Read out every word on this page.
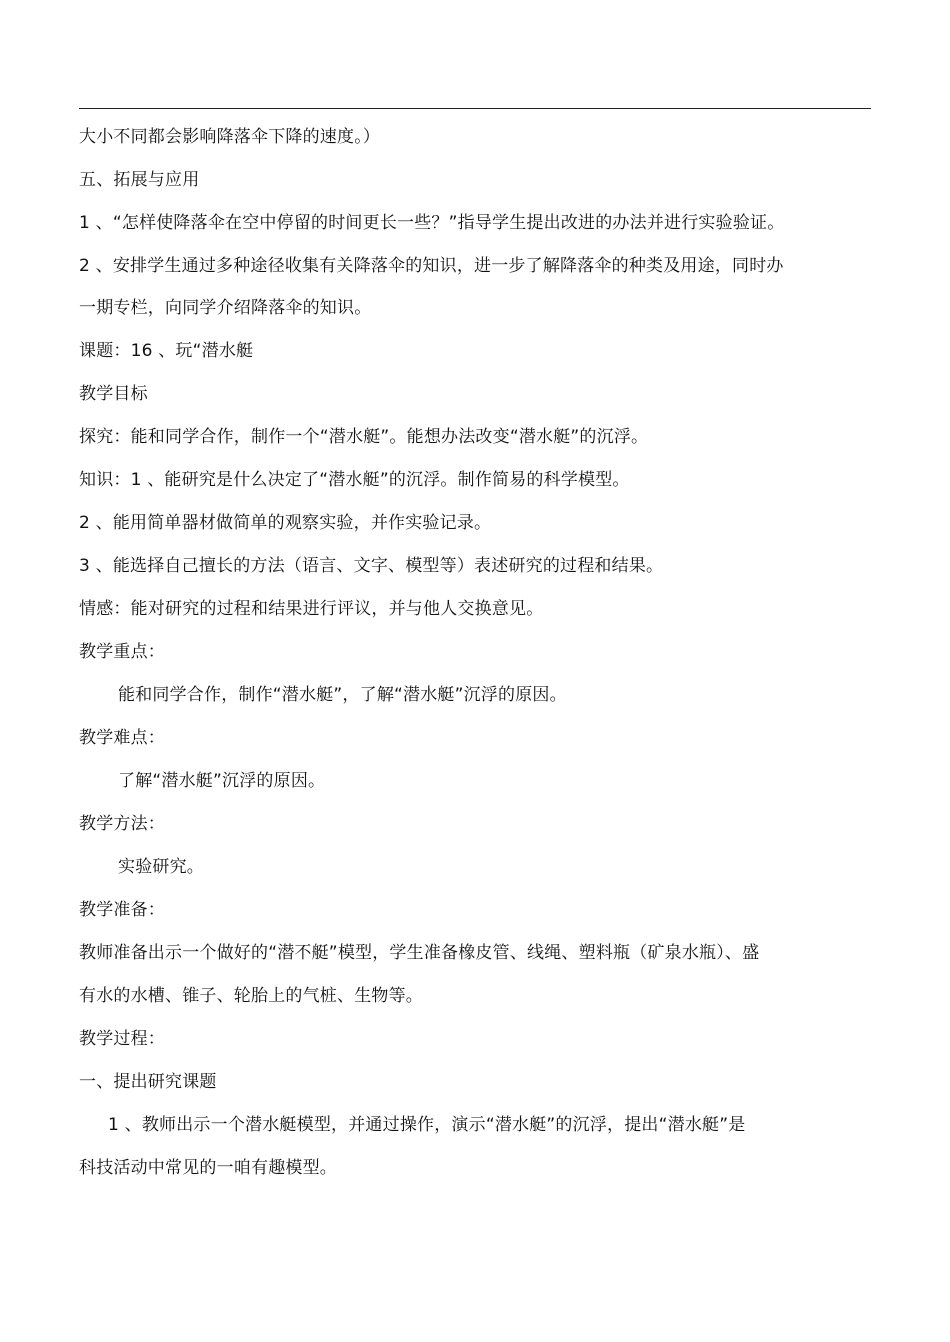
大小不同都会影响降落伞下降的速度。）
五、拓展与应用
1 、“怎样使降落伞在空中停留的时间更长一些？”指导学生提出改进的办法并进行实验验证。
2 、安排学生通过多种途径收集有关降落伞的知识，进一步了解降落伞的种类及用途，同时办
一期专栏，向同学介绍降落伞的知识。
课题：16 、玩“潜水艇
教学目标
探究：能和同学合作，制作一个“潜水艇”。能想办法改变“潜水艇”的沉浮。
知识：1 、能研究是什么决定了“潜水艇”的沉浮。制作简易的科学模型。
2 、能用简单器材做简单的观察实验，并作实验记录。
3 、能选择自己擅长的方法（语言、文字、模型等）表述研究的过程和结果。
情感：能对研究的过程和结果进行评议，并与他人交换意见。
教学重点：
能和同学合作，制作“潜水艇”，了解“潜水艇”沉浮的原因。
教学难点：
了解“潜水艇”沉浮的原因。
教学方法：
实验研究。
教学准备：
教师准备出示一个做好的“潜不艇”模型，学生准备橡皮管、线绳、塑料瓶（矿泉水瓶）、盛
有水的水槽、锥子、轮胎上的气桩、生物等。
教学过程：
一、提出研究课题
1 、教师出示一个潜水艇模型，并通过操作，演示“潜水艇”的沉浮，提出“潜水艇”是
科技活动中常见的一咱有趣模型。
